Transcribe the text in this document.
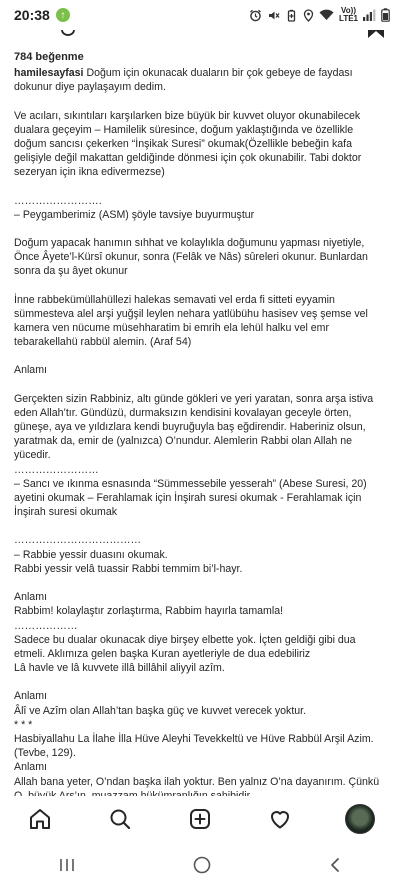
20:38	↑	Vo))
LTE1
784 beğenme
hamilesayfasi Doğum için okunacak duaların bir çok gebeye de faydası dokunur diye paylaşayım dedim.
Ve acıları, sıkıntıları karşılarken bize büyük bir kuvvet oluyor okunabilecek dualara geçeyim – Hamilelik süresince, doğum yaklaştığında ve özellikle doğum sancısı çekerken “İnşikak Suresi” okumak(Özellikle bebeğin kafa gelişiyle değil makattan geldiğinde dönmesi için çok okunabilir. Tabi doktor sezeryan için ikna edivermezse)
…………………….
– Peygamberimiz (ASM) şöyle tavsiye buyurmuştur
Doğum yapacak hanımın sıhhat ve kolaylıkla doğumunu yapması niyetiyle, Önce Âyete’l-Kürsî okunur, sonra (Felâk ve Nâs) sûreleri okunur. Bunlardan sonra da şu âyet okunur
İnne rabbekümüllahüllezi halekas semavati vel erda fi sitteti eyyamin sümmesteva alel arşi yuğşil leylen nehara yatlübühu hasisev veş şemse vel kamera ven nücume müsehharatim bi emrih ela lehül halku vel emr tebarakellahü rabbül alemin. (Araf 54)
Anlamı
Gerçekten sizin Rabbiniz, altı günde gökleri ve yeri yaratan, sonra arşa istiva eden Allah’tır. Gündüzü, durmaksızın kendisini kovalayan geceyle örten, güneşe, aya ve yıldızlara kendi buyruğuyla baş eğdirendir. Haberiniz olsun, yaratmak da, emir de (yalnızca) O’nundur. Alemlerin Rabbi olan Allah ne yücedir.
……………………
– Sancı ve ıkınma esnasında “Sümmessebile yesserah” (Abese Suresi, 20) ayetini okumak – Ferahlamak için İnşirah suresi okumak - Ferahlamak için İnşirah suresi okumak
………………………………
– Rabbie yessir duasını okumak.
Rabbi yessir velâ tuassir Rabbi temmim bi’l-hayr.
Anlamı
Rabbim! kolaylaştır zorlaştırma, Rabbim hayırla tamamla!
………………
Sadece bu dualar okunacak diye birşey elbette yok. İçten geldiği gibi dua etmeli. Aklımıza gelen başka Kuran ayetleriyle de dua edebiliriz
Lâ havle ve lâ kuvvete illâ billâhil aliyyil azîm.
Anlamı
Âlî ve Azîm olan Allah’tan başka güç ve kuvvet verecek yoktur.
* * *
Hasbiyallahu La İlahe İlla Hüve Aleyhi Tevekkeltü ve Hüve Rabbül Arşil Azim. (Tevbe, 129).
Anlamı
Allah bana yeter, O’ndan başka ilah yoktur. Ben yalnız O’na dayanırım. Çünkü
